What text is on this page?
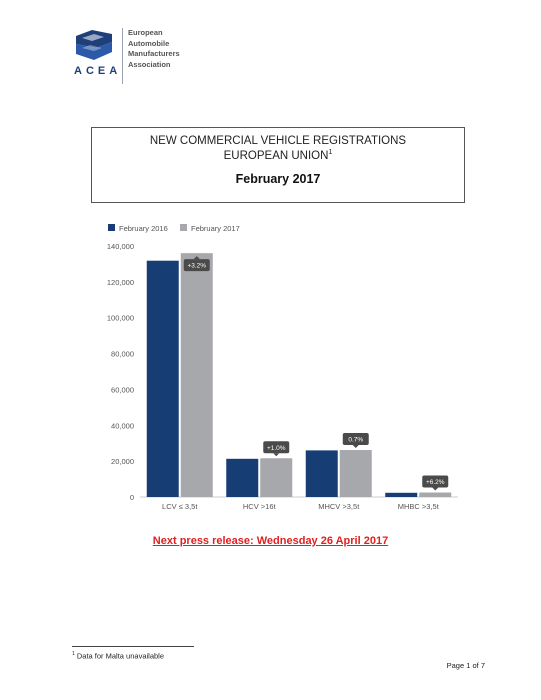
ACEA
European
Automobile
Manufacturers
Association
NEW COMMERCIAL VEHICLE REGISTRATIONS
EUROPEAN UNION$^1$
February 2017
February 2016	February 2017
0
20,000
40,000
60,000
80,000
100,000
120,000
140,000
LCV ≤ 3,5t
+3.2%
HCV >16t
+1.0%
MHCV >3,5t
0.7%
MHBC >3,5t
+6.2%
Next press release: Wednesday 26 April 2017
$^1$ Data for Malta unavailable
Page 1 of 7
